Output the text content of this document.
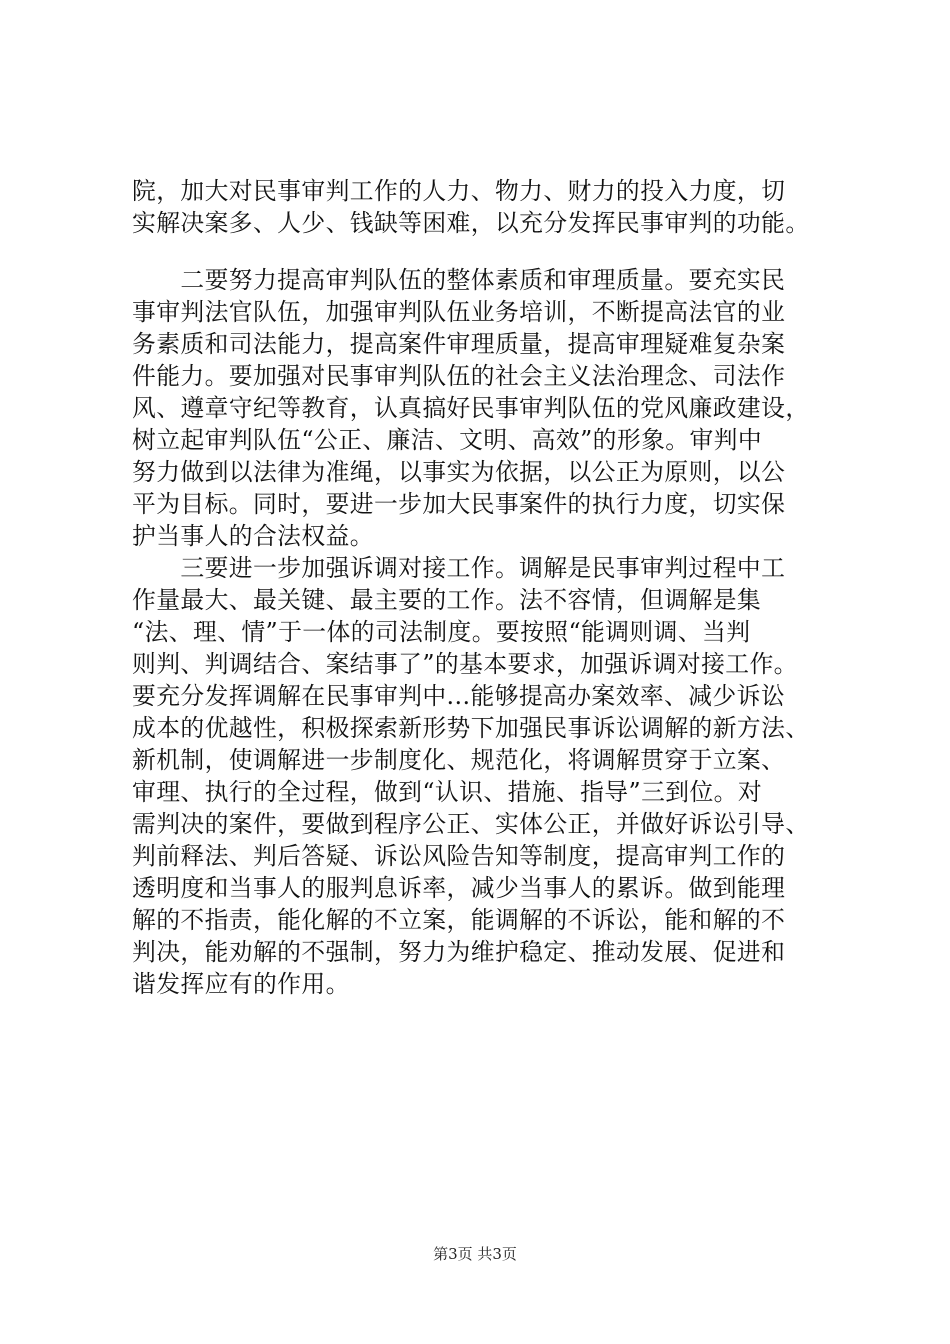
院，加大对民事审判工作的人力、物力、财力的投入力度，切
实解决案多、人少、钱缺等困难，以充分发挥民事审判的功能。
　　二要努力提高审判队伍的整体素质和审理质量。要充实民
事审判法官队伍，加强审判队伍业务培训，不断提高法官的业
务素质和司法能力，提高案件审理质量，提高审理疑难复杂案
件能力。要加强对民事审判队伍的社会主义法治理念、司法作
风、遵章守纪等教育，认真搞好民事审判队伍的党风廉政建设，
树立起审判队伍“公正、廉洁、文明、高效”的形象。审判中
努力做到以法律为准绳，以事实为依据，以公正为原则，以公
平为目标。同时，要进一步加大民事案件的执行力度，切实保
护当事人的合法权益。
　　三要进一步加强诉调对接工作。调解是民事审判过程中工
作量最大、最关键、最主要的工作。法不容情，但调解是集
“法、理、情”于一体的司法制度。要按照“能调则调、当判
则判、判调结合、案结事了”的基本要求，加强诉调对接工作。
要充分发挥调解在民事审判中...能够提高办案效率、减少诉讼
成本的优越性，积极探索新形势下加强民事诉讼调解的新方法、
新机制，使调解进一步制度化、规范化，将调解贯穿于立案、
审理、执行的全过程，做到“认识、措施、指导”三到位。对
需判决的案件，要做到程序公正、实体公正，并做好诉讼引导、
判前释法、判后答疑、诉讼风险告知等制度，提高审判工作的
透明度和当事人的服判息诉率，减少当事人的累诉。做到能理
解的不指责，能化解的不立案，能调解的不诉讼，能和解的不
判决，能劝解的不强制，努力为维护稳定、推动发展、促进和
谐发挥应有的作用。
第3页 共3页
